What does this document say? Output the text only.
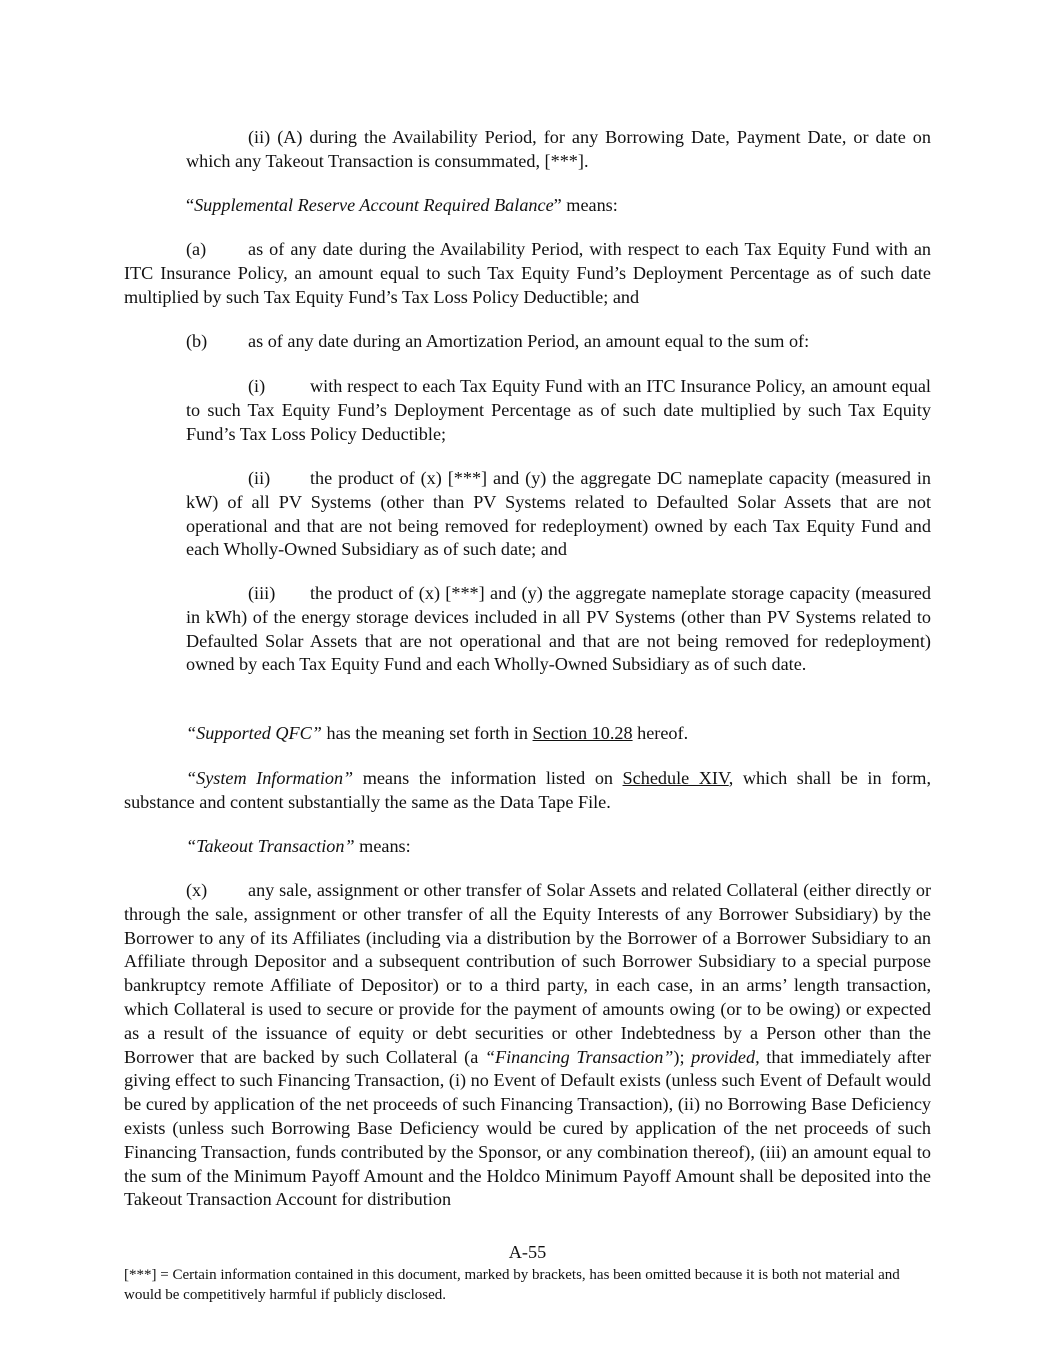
(ii) (A) during the Availability Period, for any Borrowing Date, Payment Date, or date on which any Takeout Transaction is consummated, [***].

“Supplemental Reserve Account Required Balance” means:

(a) as of any date during the Availability Period, with respect to each Tax Equity Fund with an ITC Insurance Policy, an amount equal to such Tax Equity Fund’s Deployment Percentage as of such date multiplied by such Tax Equity Fund’s Tax Loss Policy Deductible; and

(b) as of any date during an Amortization Period, an amount equal to the sum of:

(i) with respect to each Tax Equity Fund with an ITC Insurance Policy, an amount equal to such Tax Equity Fund’s Deployment Percentage as of such date multiplied by such Tax Equity Fund’s Tax Loss Policy Deductible;

(ii) the product of (x) [***] and (y) the aggregate DC nameplate capacity (measured in kW) of all PV Systems (other than PV Systems related to Defaulted Solar Assets that are not operational and that are not being removed for redeployment) owned by each Tax Equity Fund and each Wholly-Owned Subsidiary as of such date; and

(iii) the product of (x) [***] and (y) the aggregate nameplate storage capacity (measured in kWh) of the energy storage devices included in all PV Systems (other than PV Systems related to Defaulted Solar Assets that are not operational and that are not being removed for redeployment) owned by each Tax Equity Fund and each Wholly-Owned Subsidiary as of such date.

“Supported QFC” has the meaning set forth in Section 10.28 hereof.

“System Information” means the information listed on Schedule XIV, which shall be in form, substance and content substantially the same as the Data Tape File.

“Takeout Transaction” means:

(x) any sale, assignment or other transfer of Solar Assets and related Collateral (either directly or through the sale, assignment or other transfer of all the Equity Interests of any Borrower Subsidiary) by the Borrower to any of its Affiliates (including via a distribution by the Borrower of a Borrower Subsidiary to an Affiliate through Depositor and a subsequent contribution of such Borrower Subsidiary to a special purpose bankruptcy remote Affiliate of Depositor) or to a third party, in each case, in an arms’ length transaction, which Collateral is used to secure or provide for the payment of amounts owing (or to be owing) or expected as a result of the issuance of equity or debt securities or other Indebtedness by a Person other than the Borrower that are backed by such Collateral (a “Financing Transaction”); provided, that immediately after giving effect to such Financing Transaction, (i) no Event of Default exists (unless such Event of Default would be cured by application of the net proceeds of such Financing Transaction), (ii) no Borrowing Base Deficiency exists (unless such Borrowing Base Deficiency would be cured by application of the net proceeds of such Financing Transaction, funds contributed by the Sponsor, or any combination thereof), (iii) an amount equal to the sum of the Minimum Payoff Amount and the Holdco Minimum Payoff Amount shall be deposited into the Takeout Transaction Account for distribution

A-55
[***] = Certain information contained in this document, marked by brackets, has been omitted because it is both not material and would be competitively harmful if publicly disclosed.
